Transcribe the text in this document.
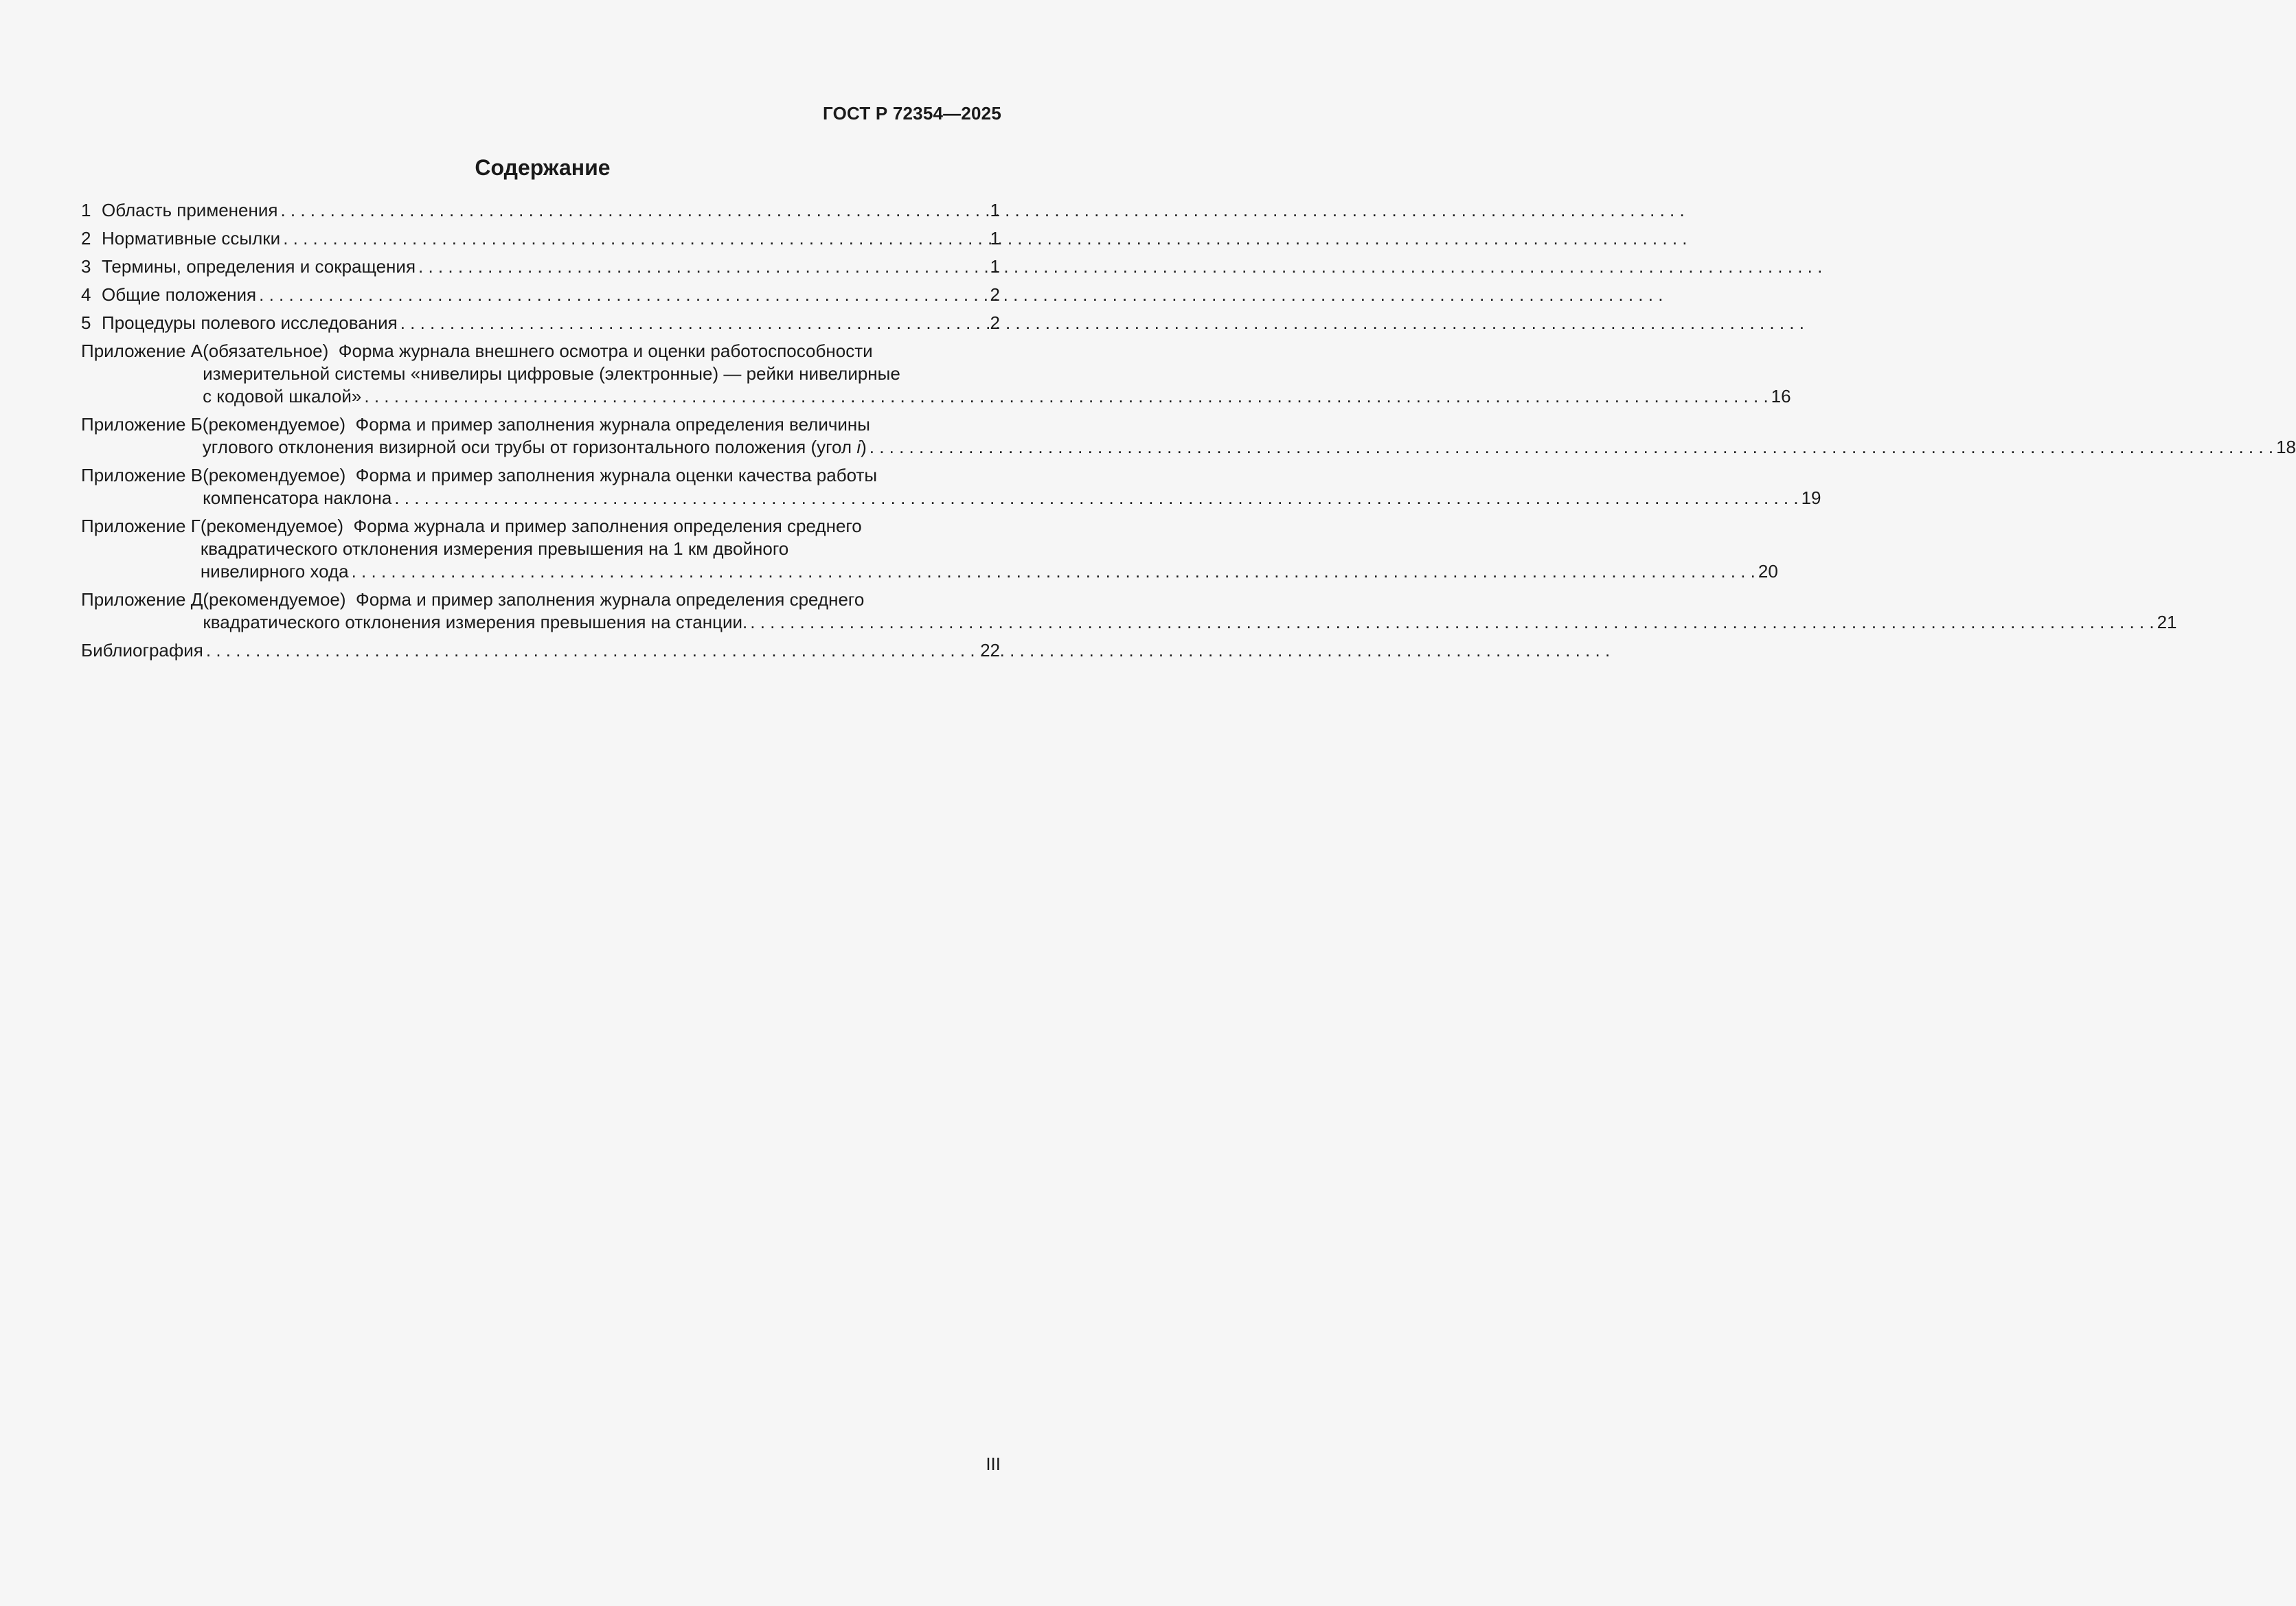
ГОСТ Р 72354—2025
Содержание
1 Область применения . . .	1
2 Нормативные ссылки . . .	1
3 Термины, определения и сокращения . . .	1
4 Общие положения . . .	2
5 Процедуры полевого исследования . . .	2
Приложение А (обязательное) Форма журнала внешнего осмотра и оценки работоспособности
измерительной системы «нивелиры цифровые (электронные) — рейки нивелирные
с кодовой шкалой» . . .	16
Приложение Б (рекомендуемое) Форма и пример заполнения журнала определения величины
углового отклонения визирной оси трубы от горизонтального положения (угол i) . . .	18
Приложение В (рекомендуемое) Форма и пример заполнения журнала оценки качества работы
компенсатора наклона . . .	19
Приложение Г (рекомендуемое) Форма журнала и пример заполнения определения среднего
квадратического отклонения измерения превышения на 1 км двойного
нивелирного хода . . .	20
Приложение Д (рекомендуемое) Форма и пример заполнения журнала определения среднего
квадратического отклонения измерения превышения на станции. . . .	21
Библиография . . .	22
III
